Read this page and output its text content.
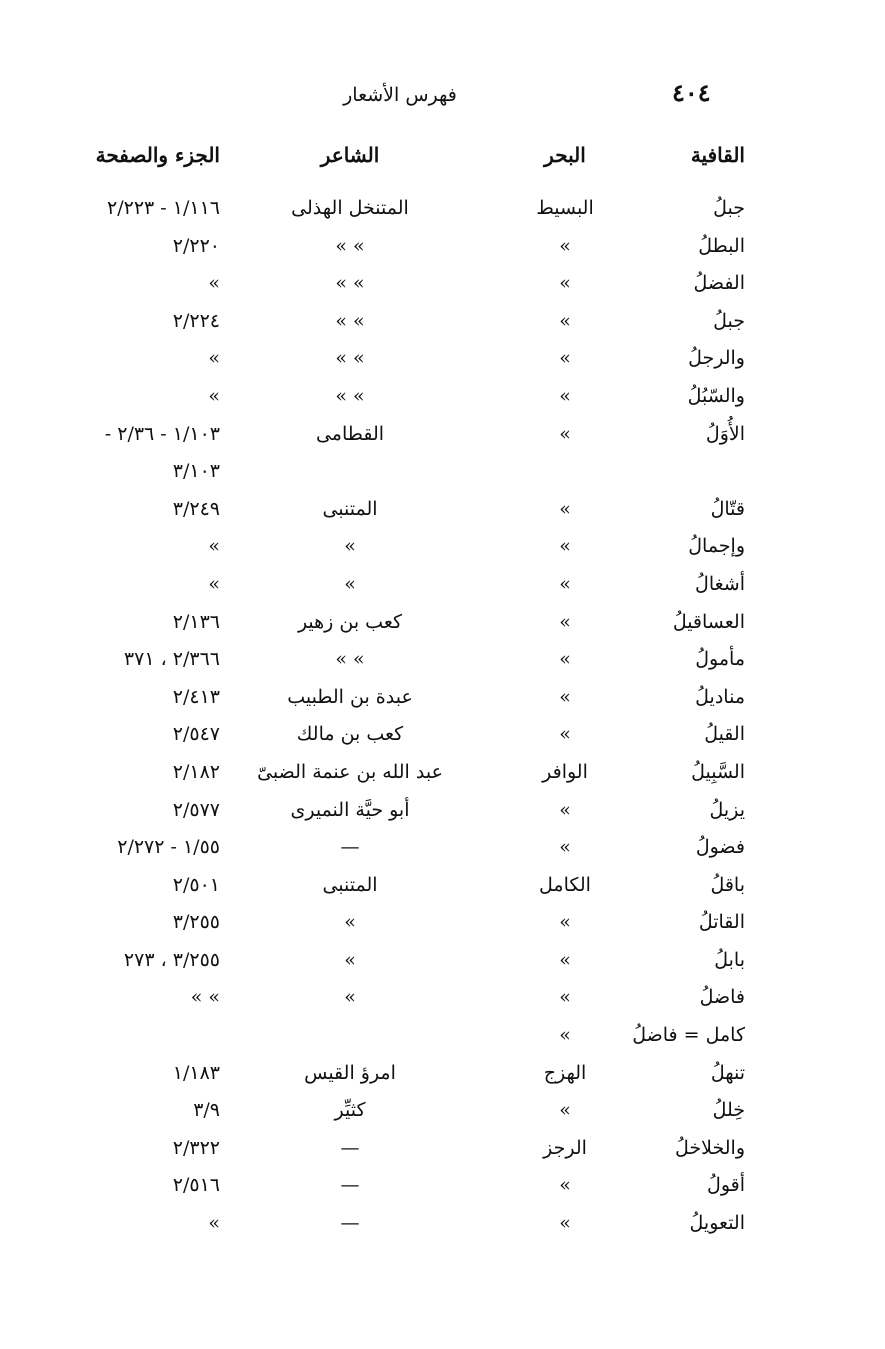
٤٠٤
فهرس الأشعار
القافية
البحر
الشاعر
الجزء والصفحة
جبلُ
البسيط
المتنخل الهذلى
١/١١٦ - ٢/٢٢٣
البطلُ
»
» »
٢/٢٢٠
الفضلُ
»
» »
»
جبلُ
»
» »
٢/٢٢٤
والرجلُ
»
» »
»
والسّبُلُ
»
» »
»
الأُوَلُ
»
القطامى
١/١٠٣ - ٢/٣٦ -
٣/١٠٣
قتّالُ
»
المتنبى
٣/٢٤٩
وإجمالُ
»
»
»
أشغالُ
»
»
»
العساقيلُ
»
كعب بن زهير
٢/١٣٦
مأمولُ
»
» »
٢/٣٦٦ ، ٣٧١
مناديلُ
»
عبدة بن الطبيب
٢/٤١٣
القيلُ
»
كعب بن مالك
٢/٥٤٧
السَّبِيلُ
الوافر
عبد الله بن عنمة الضبىّ
٢/١٨٢
يزيلُ
»
أبو حيَّة النميرى
٢/٥٧٧
فضولُ
»
—
١/٥٥ - ٢/٢٧٢
باقلُ
الكامل
المتنبى
٢/٥٠١
القاتلُ
»
»
٣/٢٥٥
بابلُ
»
»
٣/٢٥٥ ، ٢٧٣
فاضلُ
»
»
» »
كامل = فاضلُ
»
تنهلُ
الهزج
امرؤ القيس
١/١٨٣
خِللُ
»
كثيِّر
٣/٩
والخلاخلُ
الرجز
—
٢/٣٢٢
أقولُ
»
—
٢/٥١٦
التعويلُ
»
—
»
